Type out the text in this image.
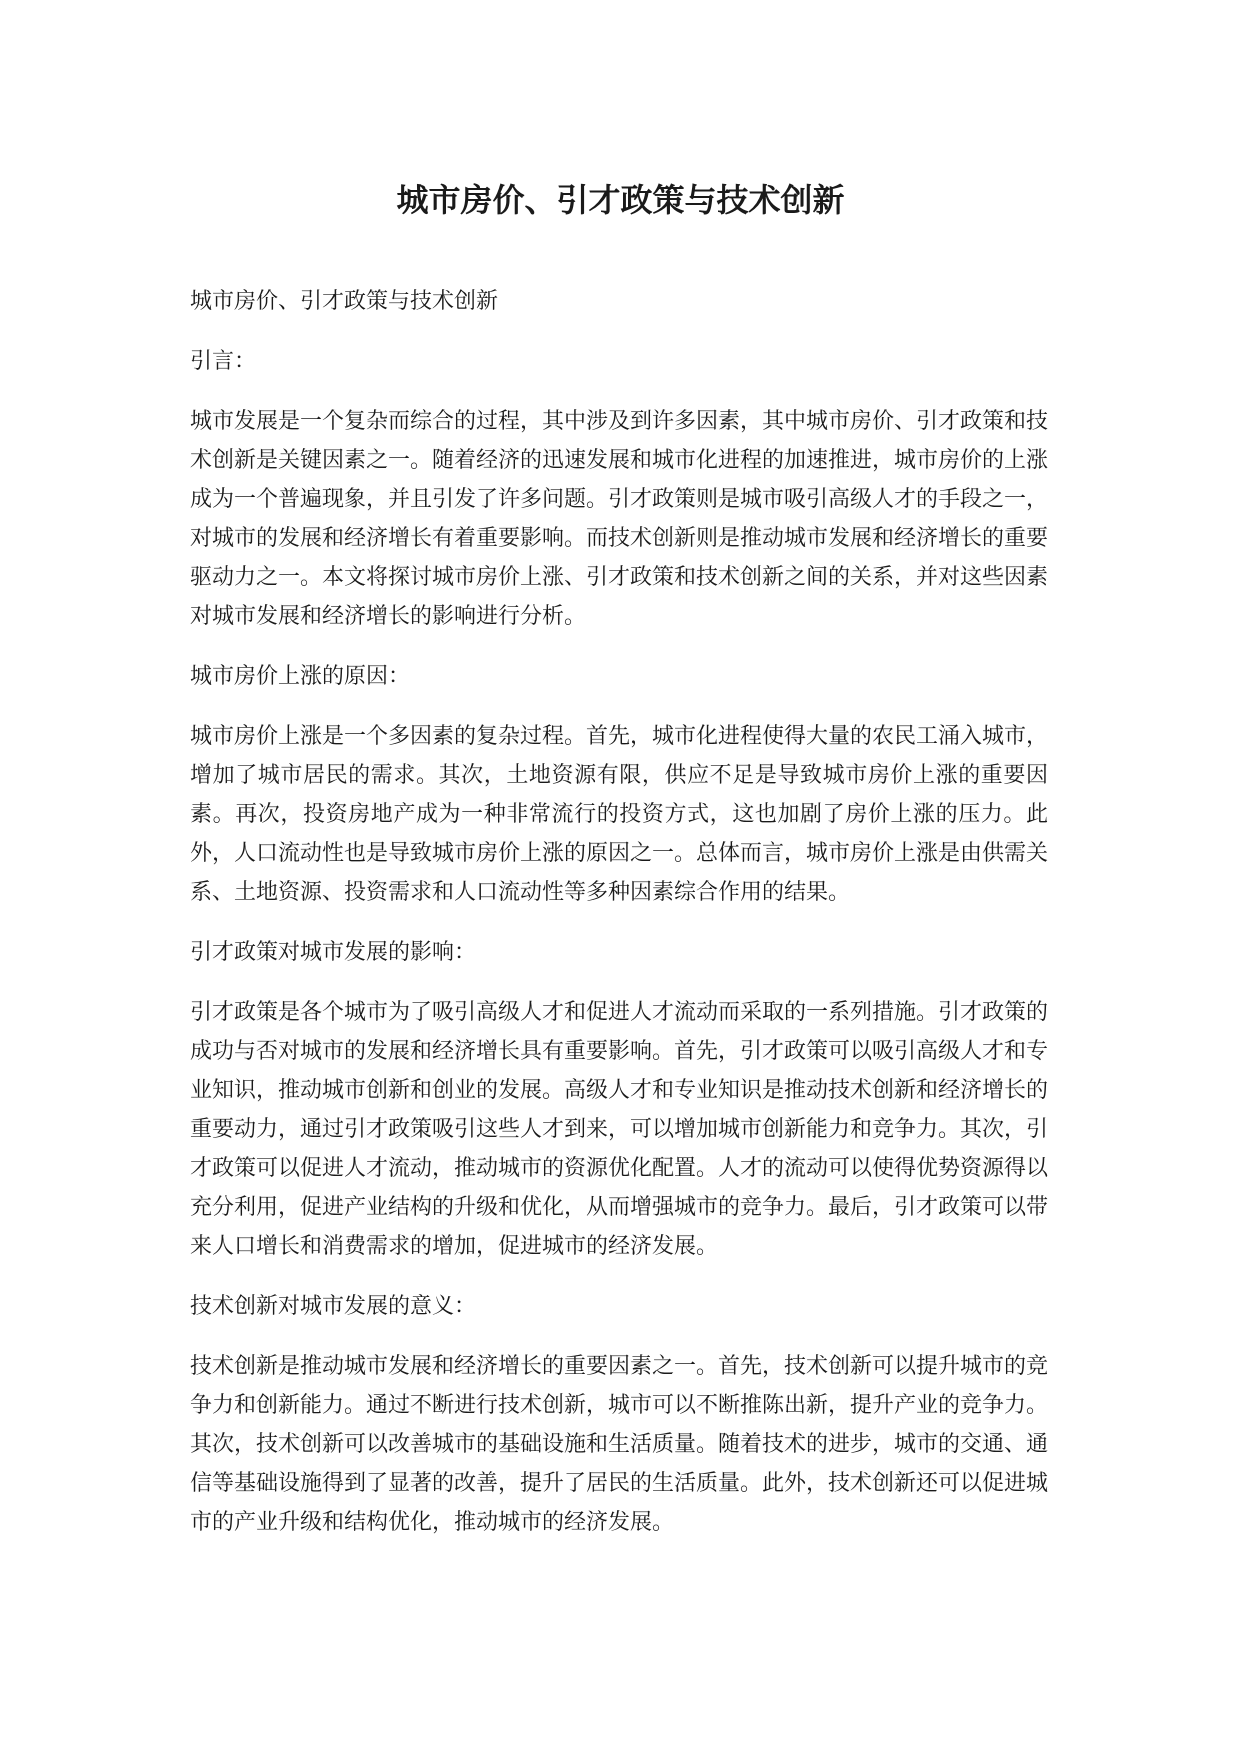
城市房价、引才政策与技术创新

城市房价、引才政策与技术创新

引言：

城市发展是一个复杂而综合的过程，其中涉及到许多因素，其中城市房价、引才政策和技术创新是关键因素之一。随着经济的迅速发展和城市化进程的加速推进，城市房价的上涨成为一个普遍现象，并且引发了许多问题。引才政策则是城市吸引高级人才的手段之一，对城市的发展和经济增长有着重要影响。而技术创新则是推动城市发展和经济增长的重要驱动力之一。本文将探讨城市房价上涨、引才政策和技术创新之间的关系，并对这些因素对城市发展和经济增长的影响进行分析。

城市房价上涨的原因：

城市房价上涨是一个多因素的复杂过程。首先，城市化进程使得大量的农民工涌入城市，增加了城市居民的需求。其次，土地资源有限，供应不足是导致城市房价上涨的重要因素。再次，投资房地产成为一种非常流行的投资方式，这也加剧了房价上涨的压力。此外，人口流动性也是导致城市房价上涨的原因之一。总体而言，城市房价上涨是由供需关系、土地资源、投资需求和人口流动性等多种因素综合作用的结果。

引才政策对城市发展的影响：

引才政策是各个城市为了吸引高级人才和促进人才流动而采取的一系列措施。引才政策的成功与否对城市的发展和经济增长具有重要影响。首先，引才政策可以吸引高级人才和专业知识，推动城市创新和创业的发展。高级人才和专业知识是推动技术创新和经济增长的重要动力，通过引才政策吸引这些人才到来，可以增加城市创新能力和竞争力。其次，引才政策可以促进人才流动，推动城市的资源优化配置。人才的流动可以使得优势资源得以充分利用，促进产业结构的升级和优化，从而增强城市的竞争力。最后，引才政策可以带来人口增长和消费需求的增加，促进城市的经济发展。

技术创新对城市发展的意义：

技术创新是推动城市发展和经济增长的重要因素之一。首先，技术创新可以提升城市的竞争力和创新能力。通过不断进行技术创新，城市可以不断推陈出新，提升产业的竞争力。其次，技术创新可以改善城市的基础设施和生活质量。随着技术的进步，城市的交通、通信等基础设施得到了显著的改善，提升了居民的生活质量。此外，技术创新还可以促进城市的产业升级和结构优化，推动城市的经济发展。
